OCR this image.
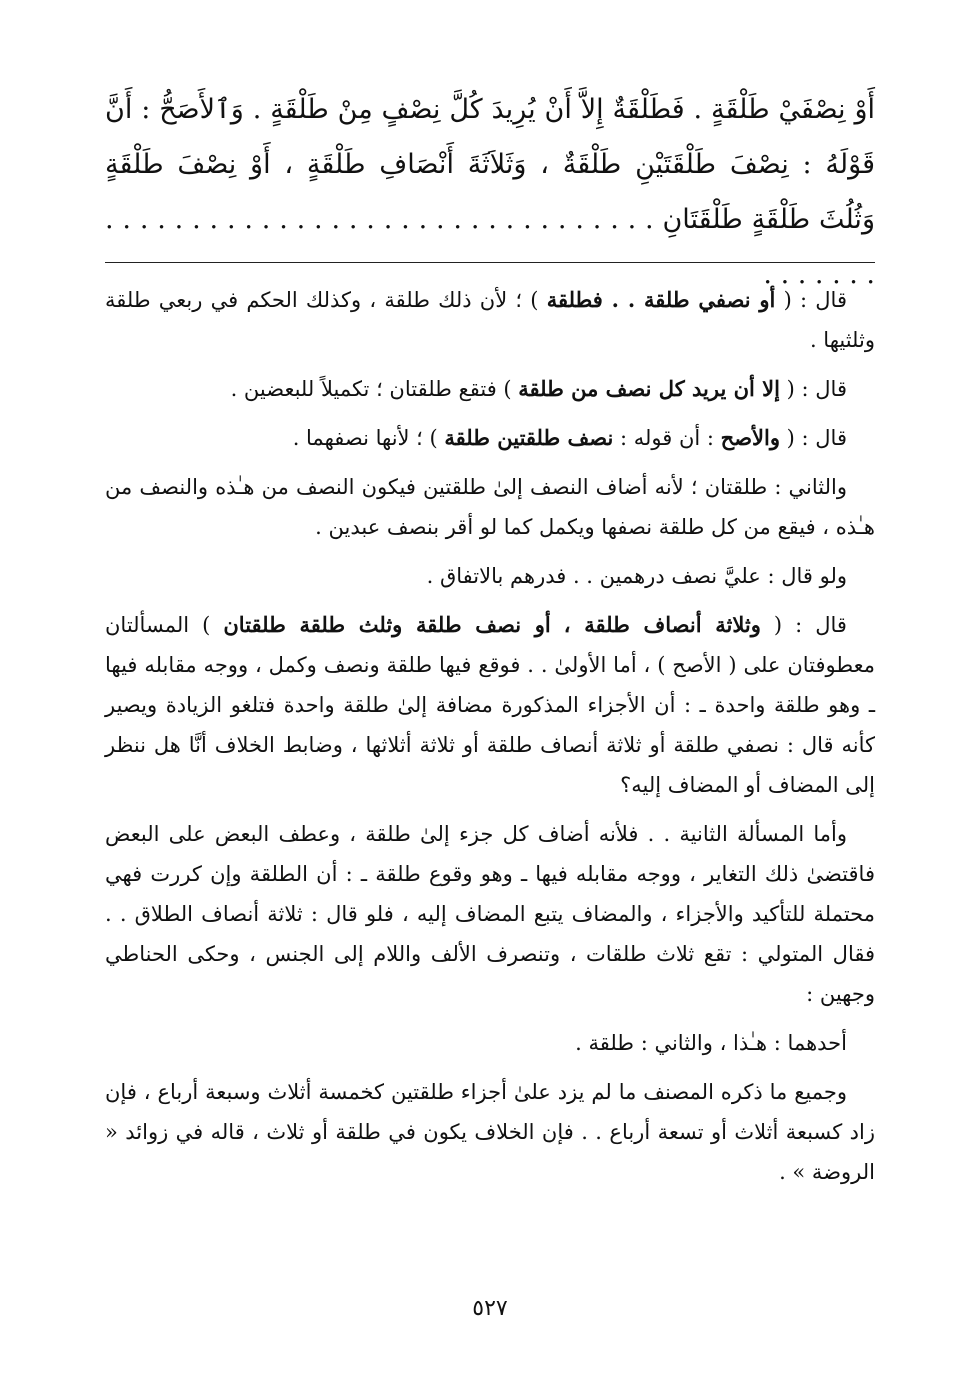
أَوْ نِصْفَيْ طَلْقَةٍ . فَطَلْقَةٌ إِلاَّ أَنْ يُرِيدَ كُلَّ نِصْفٍ مِنْ طَلْقَةٍ . وَٱلأَصَحُّ : أَنَّ قَوْلَهُ : نِصْفَ طَلْقَتَيْنِ طَلْقَةٌ ، وَثَلاَثَةَ أَنْصَافِ طَلْقَةٍ ، أَوْ نِصْفَ طَلْقَةٍ وَثُلُثَ طَلْقَةٍ طَلْقَتَانِ . . . . . . . . . . . . . . . . . . . . . . . . . . . . . . . . . . . . . . .

قال : ( أو نصفي طلقة . . فطلقة ) ؛ لأن ذلك طلقة ، وكذلك الحكم في ربعي طلقة وثلثيها .

قال : ( إلا أن يريد كل نصف من طلقة ) فتقع طلقتان ؛ تكميلاً للبعضين .

قال : ( والأصح : أن قوله : نصف طلقتين طلقة ) ؛ لأنها نصفهما .

والثاني : طلقتان ؛ لأنه أضاف النصف إلىٰ طلقتين فيكون النصف من هـٰذه والنصف من هـٰذه ، فيقع من كل طلقة نصفها ويكمل كما لو أقر بنصف عبدين .

ولو قال : عليَّ نصف درهمين . . فدرهم بالاتفاق .

قال : ( وثلاثة أنصاف طلقة ، أو نصف طلقة وثلث طلقة طلقتان ) المسألتان معطوفتان على ( الأصح ) ، أما الأولىٰ . . فوقع فيها طلقة ونصف وكمل ، ووجه مقابله فيها ـ وهو طلقة واحدة ـ : أن الأجزاء المذكورة مضافة إلىٰ طلقة واحدة فتلغو الزيادة ويصير كأنه قال : نصفي طلقة أو ثلاثة أنصاف طلقة أو ثلاثة أثلاثها ، وضابط الخلاف أنَّا هل ننظر إلى المضاف أو المضاف إليه؟

وأما المسألة الثانية . . فلأنه أضاف كل جزء إلىٰ طلقة ، وعطف البعض على البعض فاقتضىٰ ذلك التغاير ، ووجه مقابله فيها ـ وهو وقوع طلقة ـ : أن الطلقة وإن كررت فهي محتملة للتأكيد والأجزاء ، والمضاف يتبع المضاف إليه ، فلو قال : ثلاثة أنصاف الطلاق . . فقال المتولي : تقع ثلاث طلقات ، وتنصرف الألف واللام إلى الجنس ، وحكى الحناطي وجهين :

أحدهما : هـٰذا ، والثاني : طلقة .

وجميع ما ذكره المصنف ما لم يزد علىٰ أجزاء طلقتين كخمسة أثلاث وسبعة أرباع ، فإن زاد كسبعة أثلاث أو تسعة أرباع . . فإن الخلاف يكون في طلقة أو ثلاث ، قاله في زوائد « الروضة » .

٥٢٧
